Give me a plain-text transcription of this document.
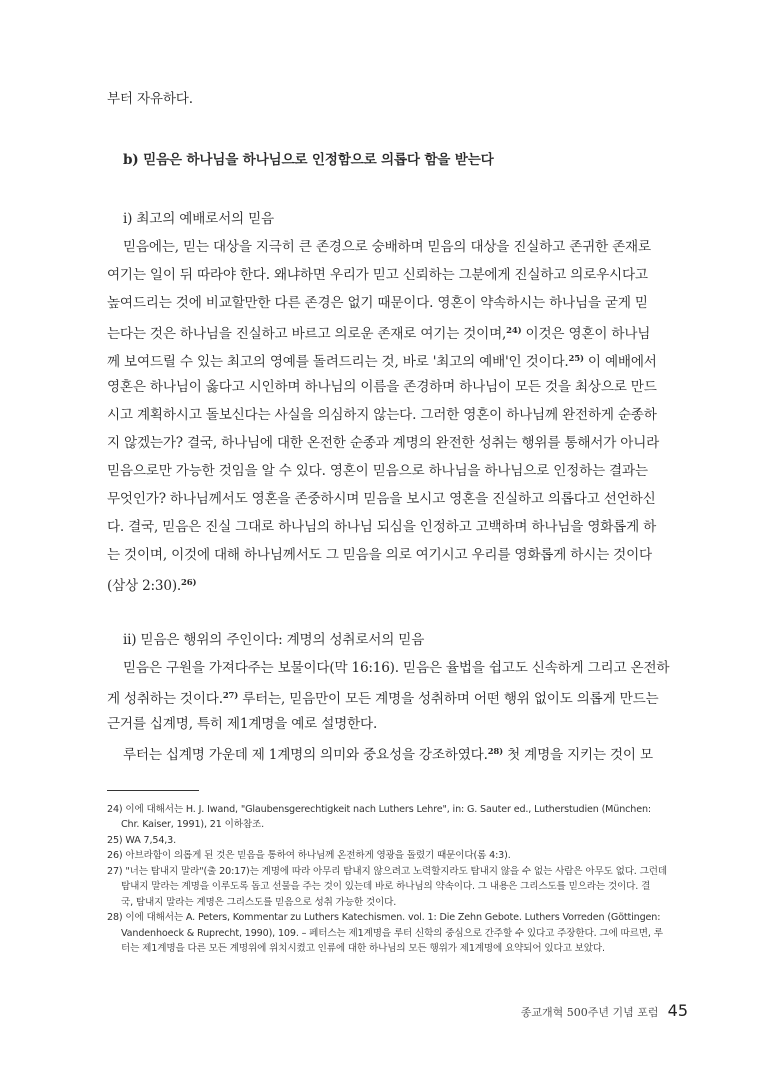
부터 자유하다.
b) 믿음은 하나님을 하나님으로 인정함으로 의롭다 함을 받는다
i) 최고의 예배로서의 믿음
믿음에는, 믿는 대상을 지극히 큰 존경으로 숭배하며 믿음의 대상을 진실하고 존귀한 존재로
여기는 일이 뒤 따라야 한다. 왜냐하면 우리가 믿고 신뢰하는 그분에게 진실하고 의로우시다고
높여드리는 것에 비교할만한 다른 존경은 없기 때문이다. 영혼이 약속하시는 하나님을 굳게 믿
는다는 것은 하나님을 진실하고 바르고 의로운 존재로 여기는 것이며,$^{24)}$ 이것은 영혼이 하나님
께 보여드릴 수 있는 최고의 영예를 돌려드리는 것, 바로 '최고의 예배'인 것이다.$^{25)}$ 이 예배에서
영혼은 하나님이 옳다고 시인하며 하나님의 이름을 존경하며 하나님이 모든 것을 최상으로 만드
시고 계획하시고 돌보신다는 사실을 의심하지 않는다. 그러한 영혼이 하나님께 완전하게 순종하
지 않겠는가? 결국, 하나님에 대한 온전한 순종과 계명의 완전한 성취는 행위를 통해서가 아니라
믿음으로만 가능한 것임을 알 수 있다. 영혼이 믿음으로 하나님을 하나님으로 인정하는 결과는
무엇인가? 하나님께서도 영혼을 존중하시며 믿음을 보시고 영혼을 진실하고 의롭다고 선언하신
다. 결국, 믿음은 진실 그대로 하나님의 하나님 되심을 인정하고 고백하며 하나님을 영화롭게 하
는 것이며, 이것에 대해 하나님께서도 그 믿음을 의로 여기시고 우리를 영화롭게 하시는 것이다
(삼상 2:30).$^{26)}$
ii) 믿음은 행위의 주인이다: 계명의 성취로서의 믿음
믿음은 구원을 가져다주는 보물이다(막 16:16). 믿음은 율법을 쉽고도 신속하게 그리고 온전하
게 성취하는 것이다.$^{27)}$ 루터는, 믿음만이 모든 계명을 성취하며 어떤 행위 없이도 의롭게 만드는
근거를 십계명, 특히 제1계명을 예로 설명한다.
루터는 십계명 가운데 제 1계명의 의미와 중요성을 강조하였다.$^{28)}$ 첫 계명을 지키는 것이 모
24) 이에 대해서는 H. J. Iwand, "Glaubensgerechtigkeit nach Luthers Lehre", in: G. Sauter ed., Lutherstudien (München:
Chr. Kaiser, 1991), 21 이하참조.
25) WA 7,54,3.
26) 아브라함이 의롭게 된 것은 믿음을 통하여 하나님께 온전하게 영광을 돌렸기 때문이다(롬 4:3).
27) "너는 탐내지 말라"(출 20:17)는 계명에 따라 아무리 탐내지 않으려고 노력할지라도 탐내지 않을 수 없는 사람은 아무도 없다. 그런데
탐내지 말라는 계명을 이루도록 돕고 선물을 주는 것이 있는데 바로 하나님의 약속이다. 그 내용은 그리스도를 믿으라는 것이다. 결
국, 탐내지 말라는 계명은 그리스도를 믿음으로 성취 가능한 것이다.
28) 이에 대해서는 A. Peters, Kommentar zu Luthers Katechismen. vol. 1: Die Zehn Gebote. Luthers Vorreden (Göttingen:
Vandenhoeck & Ruprecht, 1990), 109. – 페터스는 제1계명을 루터 신학의 중심으로 간주할 수 있다고 주장한다. 그에 따르면, 루
터는 제1계명을 다른 모든 계명위에 위치시켰고 인류에 대한 하나님의 모든 행위가 제1계명에 요약되어 있다고 보았다.
종교개혁 500주년 기념 포럼 45
